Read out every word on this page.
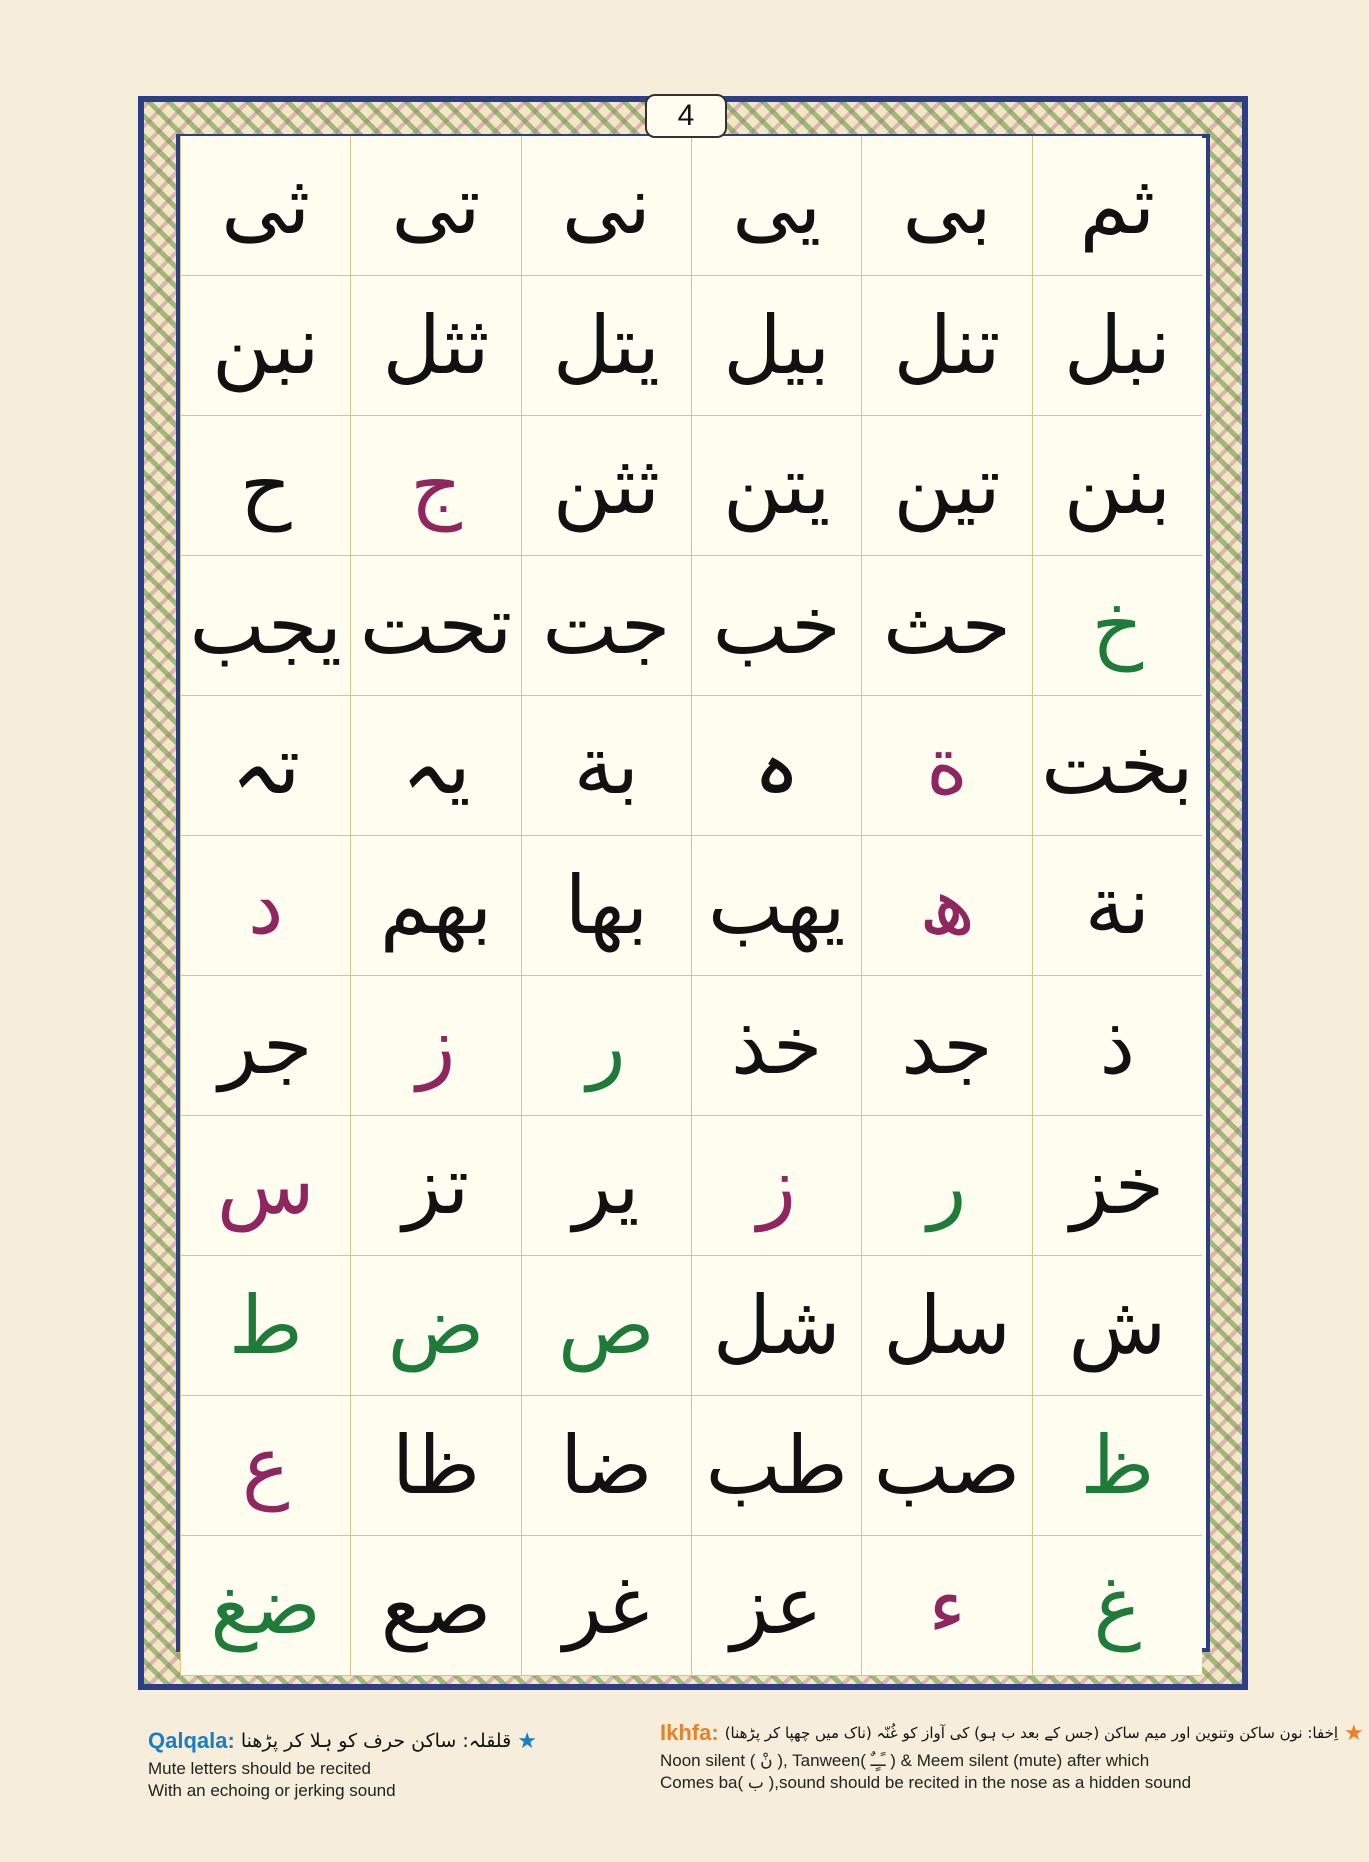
4
ثم
بی
یی
نی
تی
ثی
نبل
تنل
بیل
یتل
ثثل
نبن
بنن
تین
یتن
ثثن
ج
ح
خ
حث
خب
جت
تحت
یجب
بخت
ة
ہ
بة
یہ
تہ
نة
ھ
یھب
بھا
بھم
د
ذ
جد
خذ
ر
ز
جر
خز
ر
ز
یر
تز
س
ش
سل
شل
ص
ض
ط
ظ
صب
طب
ضا
ظا
ع
غ
ء
عز
غر
صع
ضغ
Qalqala: قلقلہ: ساکن حرف کو ہلا کر پڑھنا ★
Mute letters should be recited
With an echoing or jerking sound
Ikhfa: اِخفا: نون ساکن وتنوین اور میم ساکن (جس کے بعد ب ہو) کی آواز کو غُنّہ (ناک میں چھپا کر پڑھنا) ★
Noon silent ( نْ ), Tanween( ـًـٍـٌ ) & Meem silent (mute) after which
Comes ba( ب ),sound should be recited in the nose as a hidden sound
